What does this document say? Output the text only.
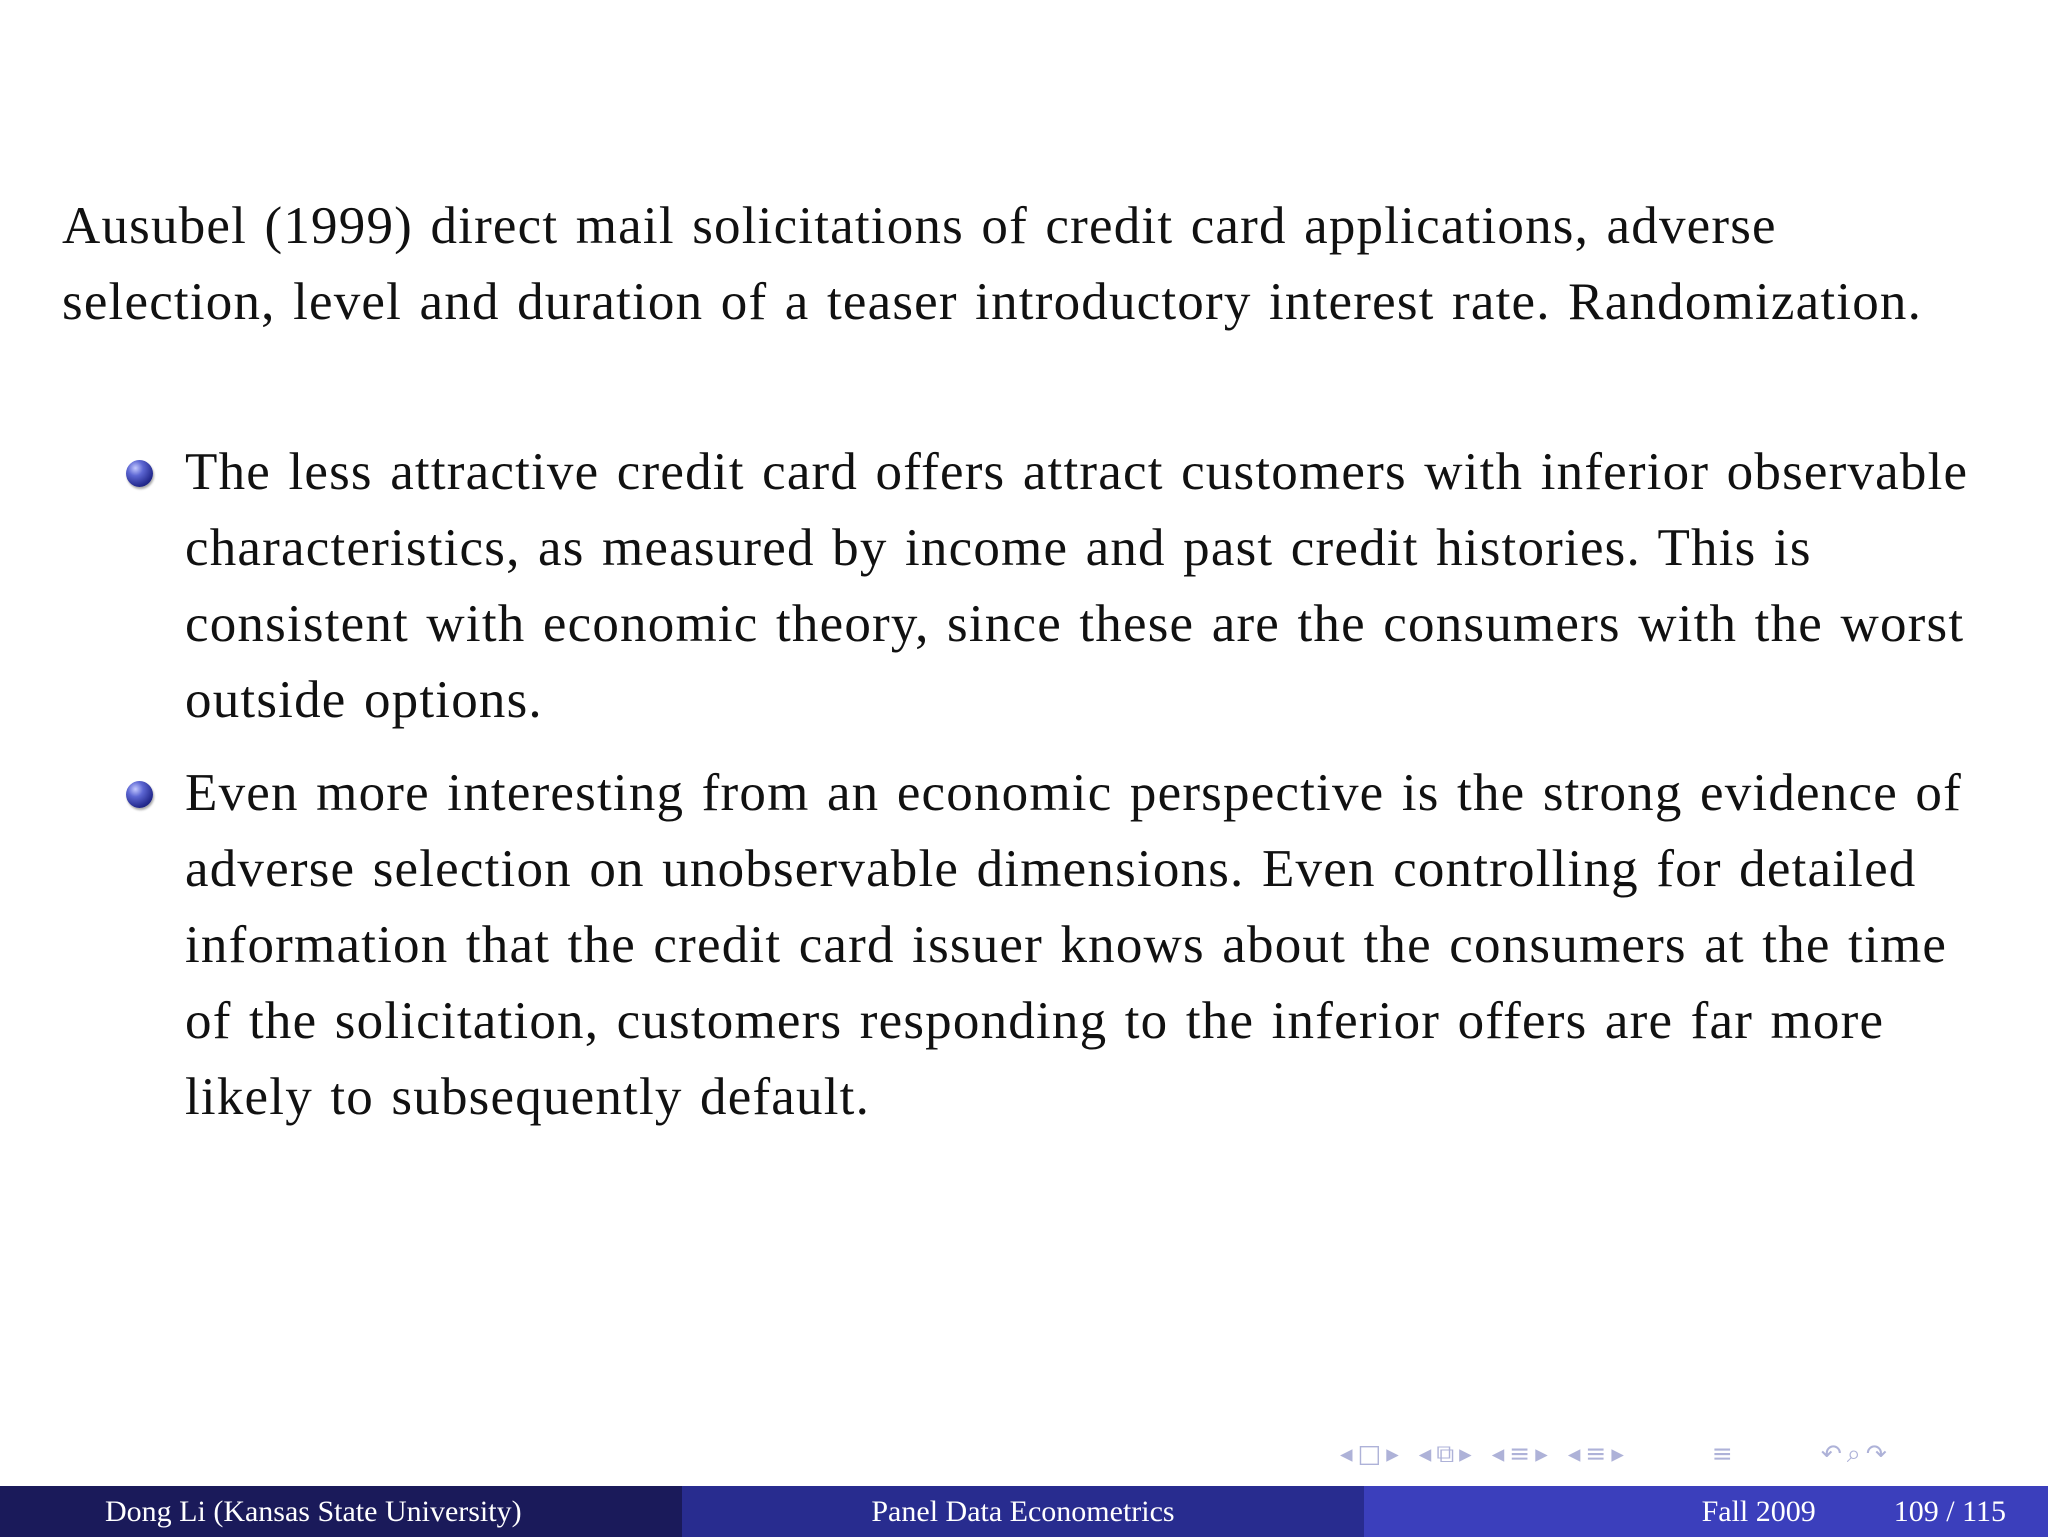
Ausubel (1999) direct mail solicitations of credit card applications, adverse selection, level and duration of a teaser introductory interest rate. Randomization.

The less attractive credit card offers attract customers with inferior observable characteristics, as measured by income and past credit histories. This is consistent with economic theory, since these are the consumers with the worst outside options.
Even more interesting from an economic perspective is the strong evidence of adverse selection on unobservable dimensions. Even controlling for detailed information that the credit card issuer knows about the consumers at the time of the solicitation, customers responding to the inferior offers are far more likely to subsequently default.
◂ □ ▸ ◂ ⧉ ▸ ◂ ≡ ▸ ◂ ≡ ▸	≡	↶ ⌕ ↷
Dong Li (Kansas State University)	Panel Data Econometrics	Fall 2009	109 / 115
